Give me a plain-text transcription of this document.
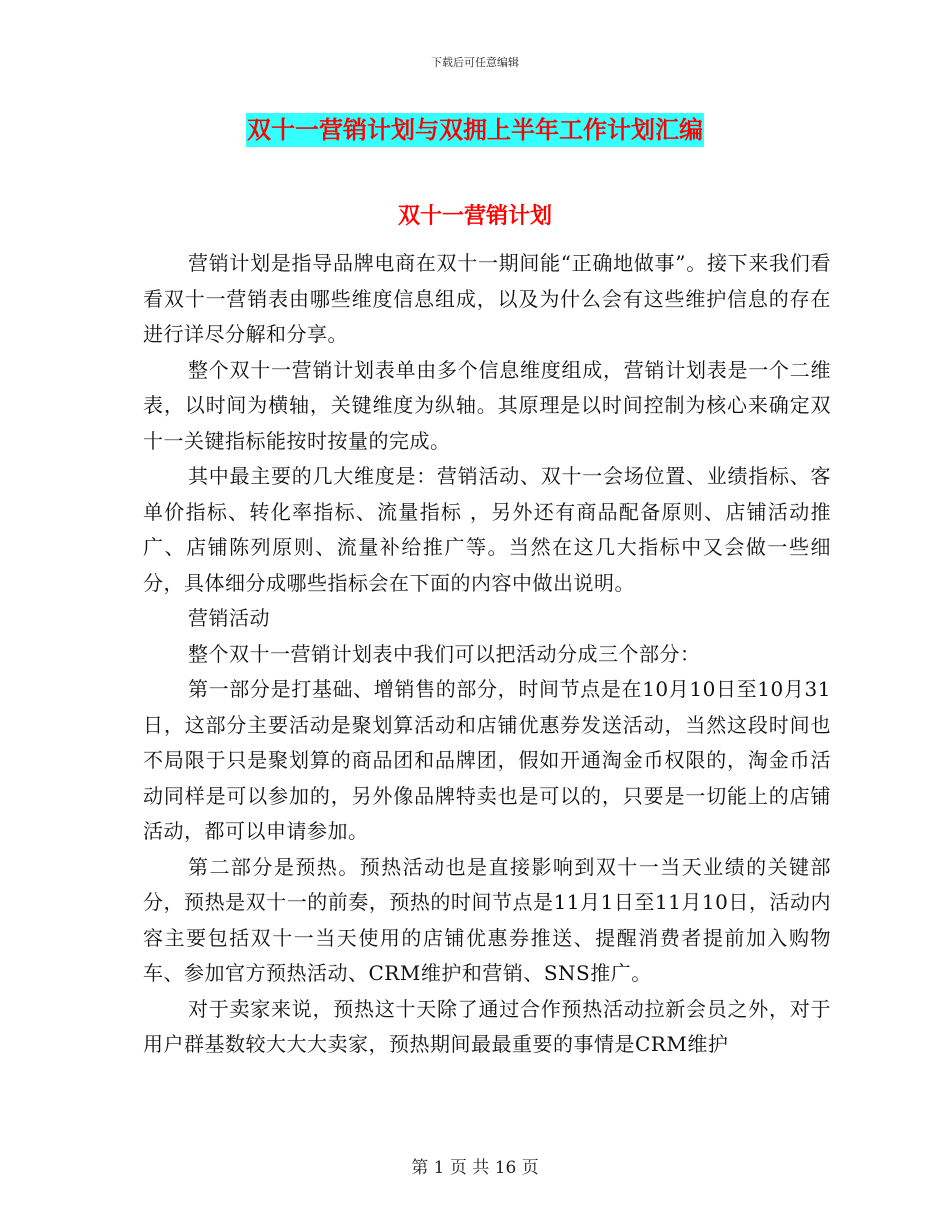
下载后可任意编辑
双十一营销计划与双拥上半年工作计划汇编
双十一营销计划

营销计划是指导品牌电商在双十一期间能“正确地做事”。接下来我们看看双十一营销表由哪些维度信息组成，以及为什么会有这些维护信息的存在进行详尽分解和分享。

整个双十一营销计划表单由多个信息维度组成，营销计划表是一个二维表，以时间为横轴，关键维度为纵轴。其原理是以时间控制为核心来确定双十一关键指标能按时按量的完成。

其中最主要的几大维度是：营销活动、双十一会场位置、业绩指标、客单价指标、转化率指标、流量指标 ，另外还有商品配备原则、店铺活动推广、店铺陈列原则、流量补给推广等。当然在这几大指标中又会做一些细分，具体细分成哪些指标会在下面的内容中做出说明。

营销活动

整个双十一营销计划表中我们可以把活动分成三个部分：

第一部分是打基础、增销售的部分，时间节点是在10月10日至10月31日，这部分主要活动是聚划算活动和店铺优惠券发送活动，当然这段时间也不局限于只是聚划算的商品团和品牌团，假如开通淘金币权限的，淘金币活动同样是可以参加的，另外像品牌特卖也是可以的，只要是一切能上的店铺活动，都可以申请参加。

第二部分是预热。预热活动也是直接影响到双十一当天业绩的关键部分，预热是双十一的前奏，预热的时间节点是11月1日至11月10日，活动内容主要包括双十一当天使用的店铺优惠券推送、提醒消费者提前加入购物车、参加官方预热活动、CRM维护和营销、SNS推广。

对于卖家来说，预热这十天除了通过合作预热活动拉新会员之外，对于用户群基数较大大大卖家，预热期间最最重要的事情是CRM维护

第 1 页 共 16 页
